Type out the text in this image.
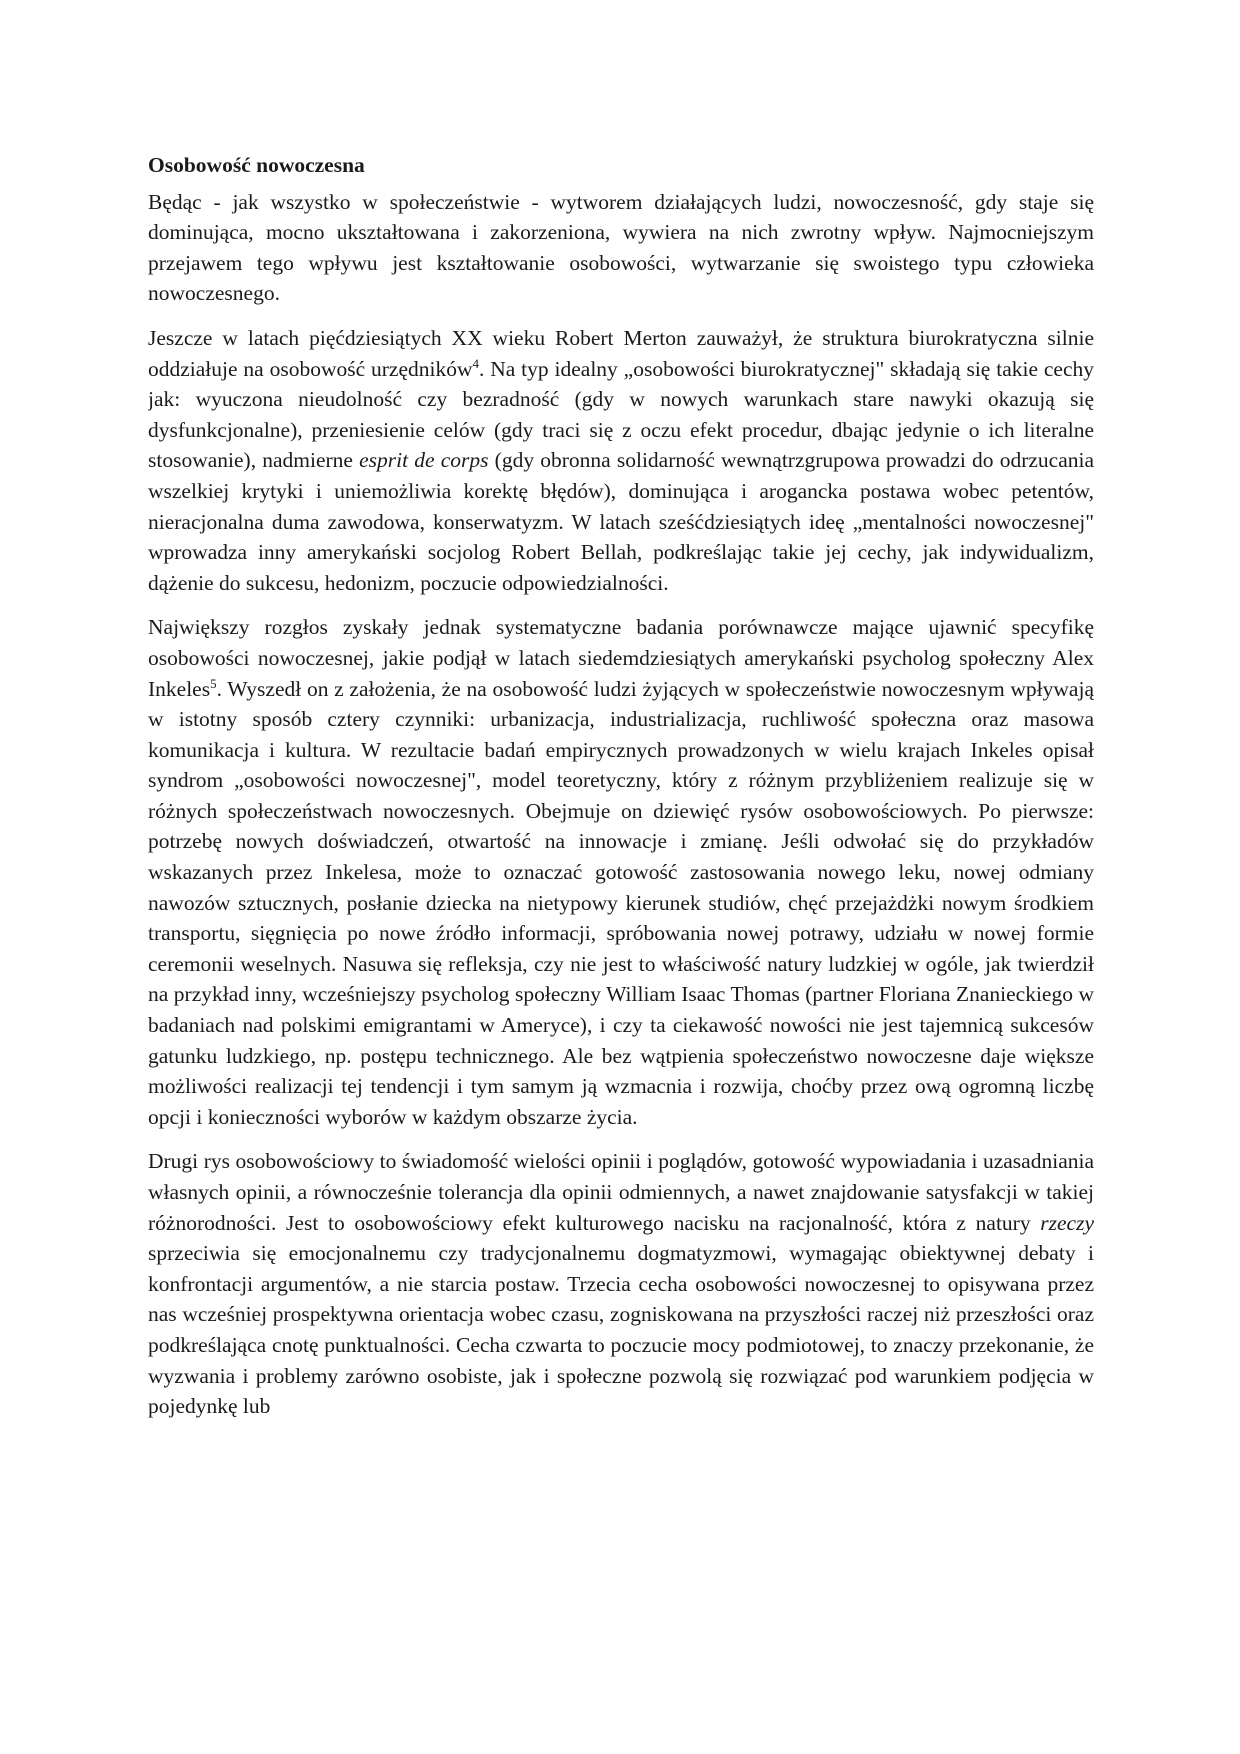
Osobowość nowoczesna

Będąc - jak wszystko w społeczeństwie - wytworem działających ludzi, nowoczesność, gdy staje się dominująca, mocno ukształtowana i zakorzeniona, wywiera na nich zwrotny wpływ. Najmocniejszym przejawem tego wpływu jest kształtowanie osobowości, wytwarzanie się swoistego typu człowieka nowoczesnego.

Jeszcze w latach pięćdziesiątych XX wieku Robert Merton zauważył, że struktura biurokratyczna silnie oddziałuje na osobowość urzędników$^4$. Na typ idealny „osobowości biurokratycznej" składają się takie cechy jak: wyuczona nieudolność czy bezradność (gdy w nowych warunkach stare nawyki okazują się dysfunkcjonalne), przeniesienie celów (gdy traci się z oczu efekt procedur, dbając jedynie o ich literalne stosowanie), nadmierne esprit de corps (gdy obronna solidarność wewnątrzgrupowa prowadzi do odrzucania wszelkiej krytyki i uniemożliwia korektę błędów), dominująca i arogancka postawa wobec petentów, nieracjonalna duma zawodowa, konserwatyzm. W latach sześćdziesiątych ideę „mentalności nowoczesnej" wprowadza inny amerykański socjolog Robert Bellah, podkreślając takie jej cechy, jak indywidualizm, dążenie do sukcesu, hedonizm, poczucie odpowiedzialności.

Największy rozgłos zyskały jednak systematyczne badania porównawcze mające ujawnić specyfikę osobowości nowoczesnej, jakie podjął w latach siedemdziesiątych amerykański psycholog społeczny Alex Inkeles$^5$. Wyszedł on z założenia, że na osobowość ludzi żyjących w społeczeństwie nowoczesnym wpływają w istotny sposób cztery czynniki: urbanizacja, industrializacja, ruchliwość społeczna oraz masowa komunikacja i kultura. W rezultacie badań empirycznych prowadzonych w wielu krajach Inkeles opisał syndrom „osobowości nowoczesnej", model teoretyczny, który z różnym przybliżeniem realizuje się w różnych społeczeństwach nowoczesnych. Obejmuje on dziewięć rysów osobowościowych. Po pierwsze: potrzebę nowych doświadczeń, otwartość na innowacje i zmianę. Jeśli odwołać się do przykładów wskazanych przez Inkelesa, może to oznaczać gotowość zastosowania nowego leku, nowej odmiany nawozów sztucznych, posłanie dziecka na nietypowy kierunek studiów, chęć przejażdżki nowym środkiem transportu, sięgnięcia po nowe źródło informacji, spróbowania nowej potrawy, udziału w nowej formie ceremonii weselnych. Nasuwa się refleksja, czy nie jest to właściwość natury ludzkiej w ogóle, jak twierdził na przykład inny, wcześniejszy psycholog społeczny William Isaac Thomas (partner Floriana Znanieckiego w badaniach nad polskimi emigrantami w Ameryce), i czy ta ciekawość nowości nie jest tajemnicą sukcesów gatunku ludzkiego, np. postępu technicznego. Ale bez wątpienia społeczeństwo nowoczesne daje większe możliwości realizacji tej tendencji i tym samym ją wzmacnia i rozwija, choćby przez ową ogromną liczbę opcji i konieczności wyborów w każdym obszarze życia.

Drugi rys osobowościowy to świadomość wielości opinii i poglądów, gotowość wypowiadania i uzasadniania własnych opinii, a równocześnie tolerancja dla opinii odmiennych, a nawet znajdowanie satysfakcji w takiej różnorodności. Jest to osobowościowy efekt kulturowego nacisku na racjonalność, która z natury rzeczy sprzeciwia się emocjonalnemu czy tradycjonalnemu dogmatyzmowi, wymagając obiektywnej debaty i konfrontacji argumentów, a nie starcia postaw. Trzecia cecha osobowości nowoczesnej to opisywana przez nas wcześniej prospektywna orientacja wobec czasu, zogniskowana na przyszłości raczej niż przeszłości oraz podkreślająca cnotę punktualności. Cecha czwarta to poczucie mocy podmiotowej, to znaczy przekonanie, że wyzwania i problemy zarówno osobiste, jak i społeczne pozwolą się rozwiązać pod warunkiem podjęcia w pojedynkę lub
